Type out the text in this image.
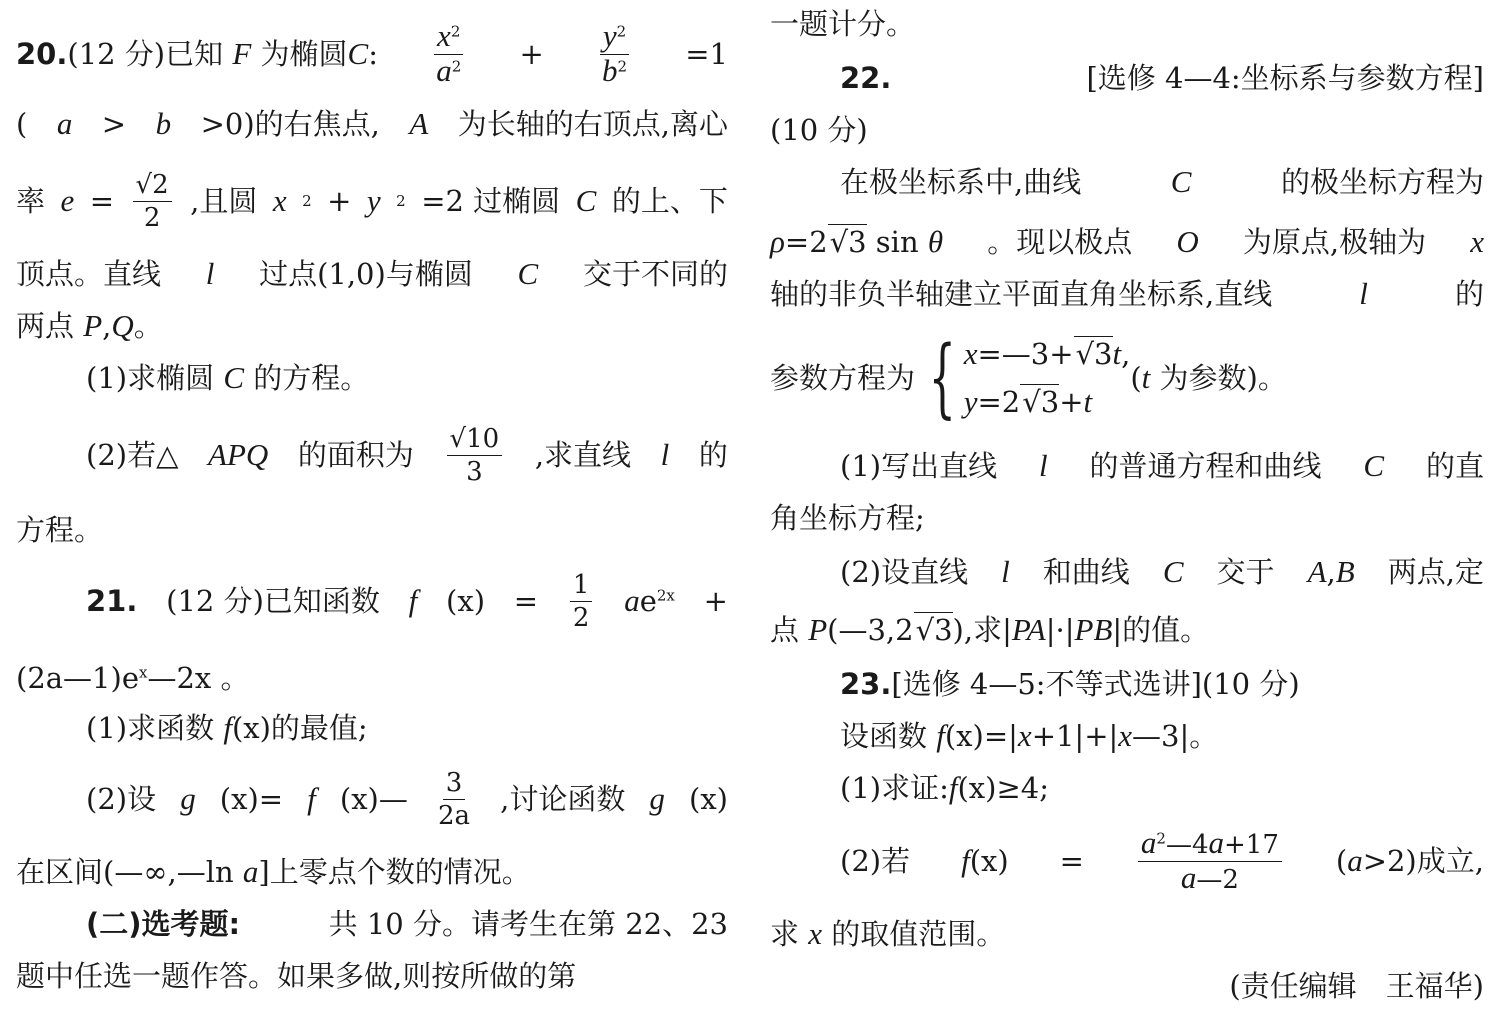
20.(12 分)已知 F 为椭圆C: $\frac{x^2}{a^2} + \frac{y^2}{b^2} =1$
( a > b >0)的右焦点, A 为长轴的右顶点,离心
率 $e = \frac{√2}{2}$ ,且圆 x 2 + y 2 =2 过椭圆 C 的上、下
顶点。直线 l 过点(1,0)与椭圆 C 交于不同的
两点 P,Q。
(1)求椭圆 C 的方程。
(2)若△ APQ 的面积为 $\frac{√10}{3}$ ,求直线 l 的
方程。
21. (12 分)已知函数 f $(x) = \frac{1}{2} ae^{2x}$ +
$(2a—1)e^x—2x$ 。
(1)求函数 f(x)的最值;
(2)设 g (x)= f (x)— $\frac{3}{2a}$ ,讨论函数 g (x)
在区间(—∞,—ln a]上零点个数的情况。
(二)选考题:	共 10 分。请考生在第 22、23
题中任选一题作答。如果多做,则按所做的第
一题计分。
22.	[选修 4—4:坐标系与参数方程]
(10 分)
在极坐标系中,曲线	C	的极坐标方程为
ρ=2√3 sin θ 。现以极点 O 为原点,极轴为 x
轴的非负半轴建立平面直角坐标系,直线	l	的
参数方程为 { x=—3+√3t,
y=2√3+t
(t 为参数)。
(1)写出直线 l 的普通方程和曲线 C 的直
角坐标方程;
(2)设直线 l 和曲线 C 交于 A,B 两点,定
点 P(—3,2√3),求|PA|·|PB|的值。
23.[选修 4—5:不等式选讲](10 分)
设函数 f(x)=|x+1|+|x—3|。
(1)求证:f(x)≥4;
(2)若 $f(x) = \frac{a^2—4a+17}{a—2} (a>2)$成立,
求 x 的取值范围。
(责任编辑　王福华)
